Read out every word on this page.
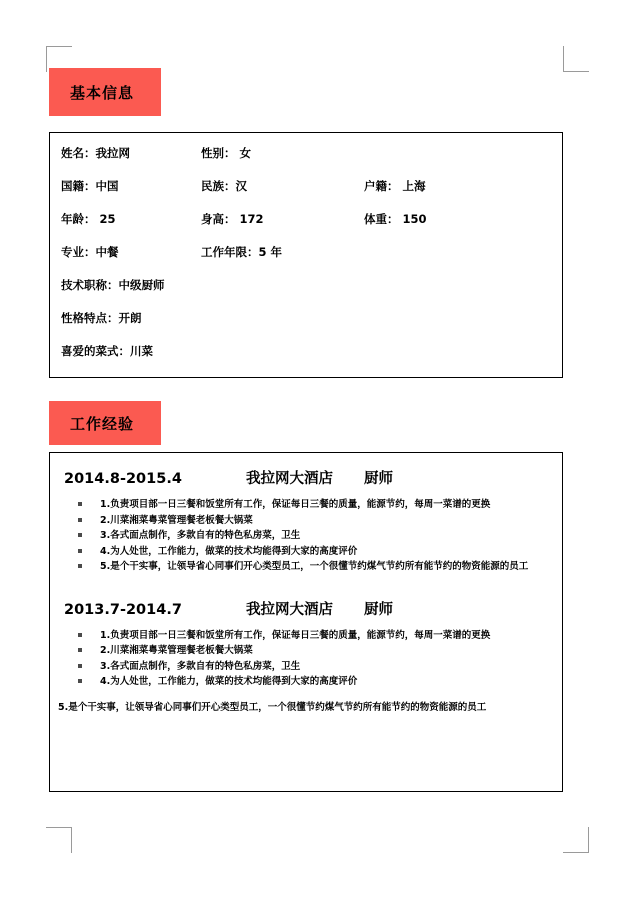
基本信息
姓名：我拉网	性别： 女
国籍：中国	民族：汉	户籍： 上海
年龄： 25	身高： 172	体重： 150
专业：中餐	工作年限：5 年
技术职称：中级厨师
性格特点：开朗
喜爱的菜式：川菜
工作经验
2014.8-2015.4	我拉网大酒店	厨师
1.负责项目部一日三餐和饭堂所有工作，保证每日三餐的质量，能源节约，每周一菜谱的更换
2.川菜湘菜粤菜管理餐老板餐大锅菜
3.各式面点制作，多款自有的特色私房菜，卫生
4.为人处世，工作能力，做菜的技术均能得到大家的高度评价
5.是个干实事，让领导省心同事们开心类型员工，一个很懂节约煤气节约所有能节约的物资能源的员工
2013.7-2014.7	我拉网大酒店	厨师
1.负责项目部一日三餐和饭堂所有工作，保证每日三餐的质量，能源节约，每周一菜谱的更换
2.川菜湘菜粤菜管理餐老板餐大锅菜
3.各式面点制作，多款自有的特色私房菜，卫生
4.为人处世，工作能力，做菜的技术均能得到大家的高度评价
5.是个干实事，让领导省心同事们开心类型员工，一个很懂节约煤气节约所有能节约的物资能源的员工
